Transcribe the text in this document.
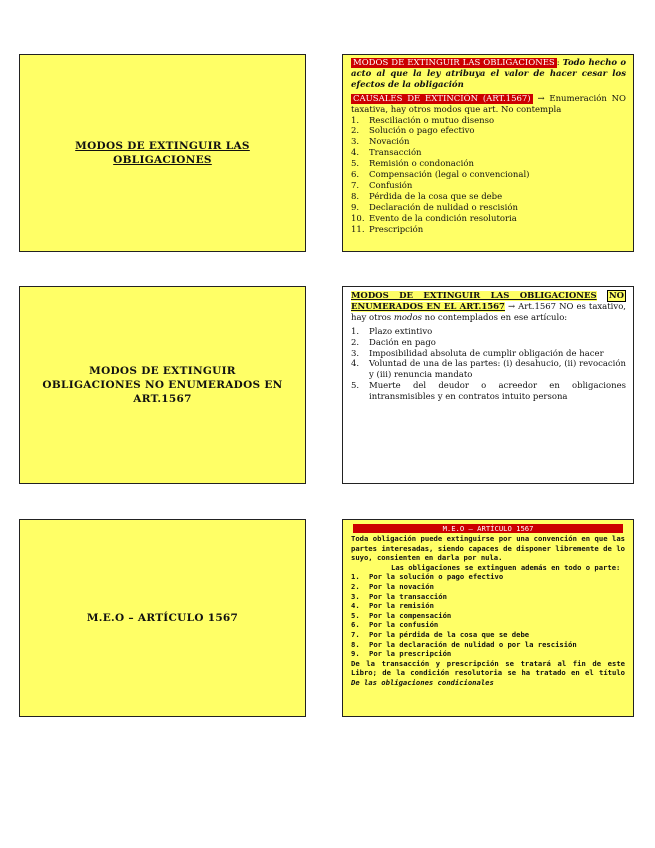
MODOS DE EXTINGUIR LAS OBLIGACIONES
MODOS DE EXTINGUIR LAS OBLIGACIONES : Todo hecho o acto al que la ley atribuya el valor de hacer cesar los efectos de la obligación
CAUSALES DE EXTINCIÓN (ART.1567) → Enumeración NO taxativa, hay otros modos que art. No contempla
1.	Resciliación o mutuo disenso
2.	Solución o pago efectivo
3.	Novación
4.	Transacción
5.	Remisión o condonación
6.	Compensación (legal o convencional)
7.	Confusión
8.	Pérdida de la cosa que se debe
9.	Declaración de nulidad o rescisión
10. Evento de la condición resolutoria
11. Prescripción
MODOS DE EXTINGUIR OBLIGACIONES NO ENUMERADOS EN ART.1567
MODOS DE EXTINGUIR LAS OBLIGACIONES NO ENUMERADOS EN EL ART.1567 → Art.1567 NO es taxativo, hay otros modos no contemplados en ese artículo:
1.	Plazo extintivo
2.	Dación en pago
3.	Imposibilidad absoluta de cumplir obligación de hacer
4.	Voluntad de una de las partes: (i) desahucio, (ii) revocación y (iii) renuncia mandato
5.	Muerte del deudor o acreedor en obligaciones intransmisibles y en contratos intuito persona
M.E.O – ARTÍCULO 1567
M.E.O – ARTÍCULO 1567
Toda obligación puede extinguirse por una convención en que las partes interesadas, siendo capaces de disponer libremente de lo suyo, consienten en darla por nula.
Las obligaciones se extinguen además en todo o parte:
1.	Por la solución o pago efectivo
2.	Por la novación
3.	Por la transacción
4.	Por la remisión
5.	Por la compensación
6.	Por la confusión
7.	Por la pérdida de la cosa que se debe
8.	Por la declaración de nulidad o por la rescisión
9.	Por la prescripción
De la transacción y prescripción se tratará al fin de este Libro; de la condición resolutoria se ha tratado en el título De las obligaciones condicionales
